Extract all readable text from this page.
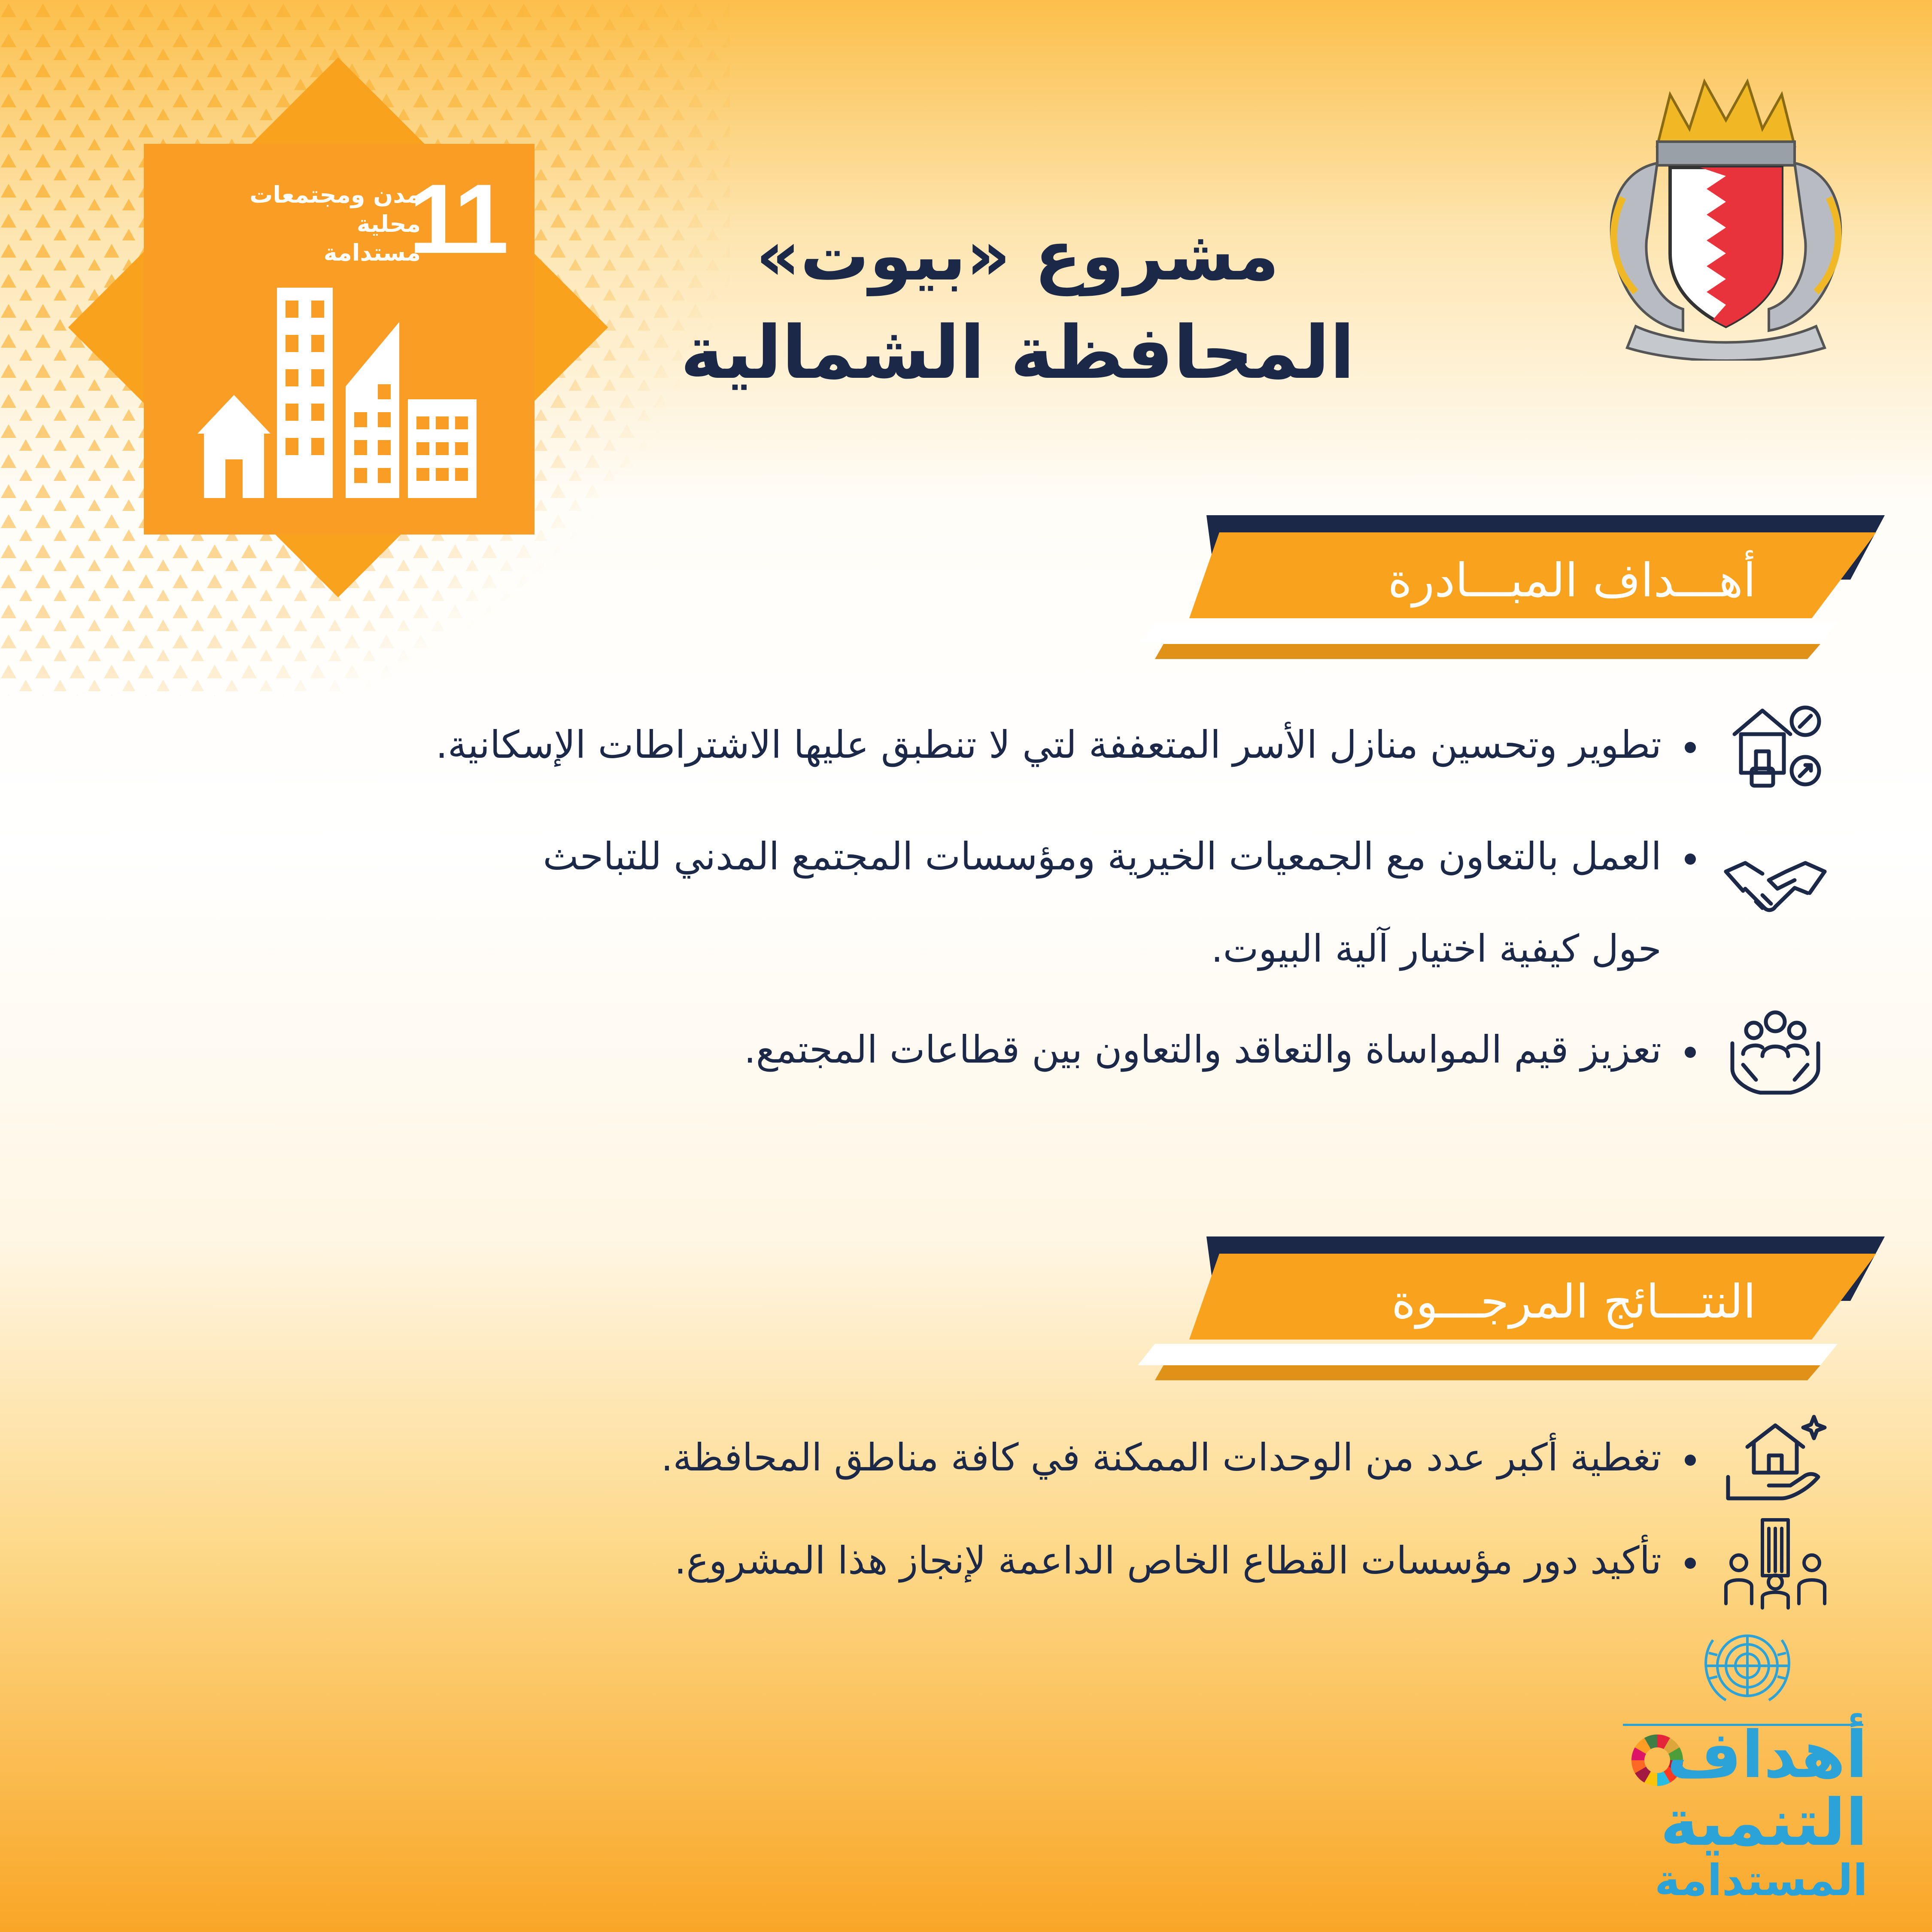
11
مدن ومجتمعات محلية
مستدامة	مشروع «بيوت»
المحافظة الشمالية
أهـــداف المبـــادرة
تطوير وتحسين منازل الأسر المتعففة لتي لا تنطبق عليها الاشتراطات الإسكانية.
العمل بالتعاون مع الجمعيات الخيرية ومؤسسات المجتمع المدني للتباحث
حول كيفية اختيار آلية البيوت.
تعزيز قيم المواساة والتعاقد والتعاون بين قطاعات المجتمع.
النتـــائج المرجـــوة
تغطية أكبر عدد من الوحدات الممكنة في كافة مناطق المحافظة.
تأكيد دور مؤسسات القطاع الخاص الداعمة لإنجاز هذا المشروع.
أهداف
التنمية
المستدامة
